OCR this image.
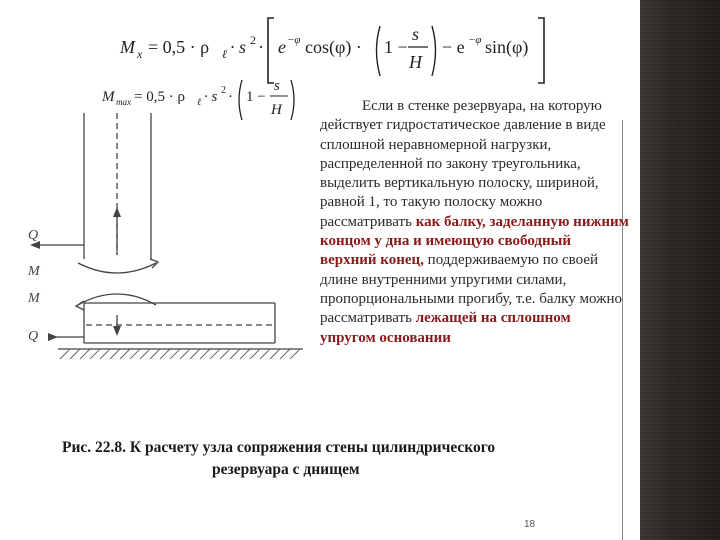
M x = 0,5 · ρ ℓ · s 2 · e −φ cos(φ) · 1 −
s
H
− e −φ sin(φ)
M max = 0,5 · ρ ℓ · s 2 · 1 −
s
H
Q
M
M
Q

Если в стенке резервуара, на которую действует гидростатическое давление в виде сплошной неравномерной нагрузки, распределенной по закону треугольника, выделить вертикальную полоску, шириной, равной 1, то такую полоску можно рассматривать как балку, заделанную нижним концом у дна и имеющую свободный верхний конец, поддерживаемую по своей длине внутренними упругими силами, пропорциональными прогибу, т.е. балку можно рассматривать лежащей на сплошном упругом основании

Рис. 22.8. К расчету узла сопряжения стены цилиндрического
резервуара с днищем
18
